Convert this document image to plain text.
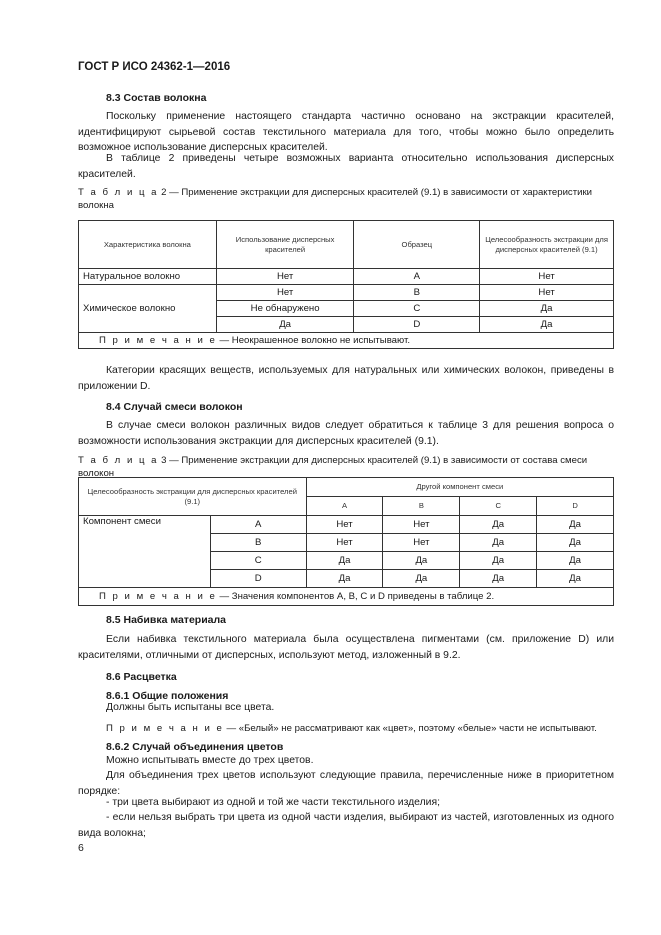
ГОСТ Р ИСО 24362-1—2016
8.3 Состав волокна
Поскольку применение настоящего стандарта частично основано на экстракции красителей, идентифицируют сырьевой состав текстильного материала для того, чтобы можно было определить возможное использование дисперсных красителей.
В таблице 2 приведены четыре возможных варианта относительно использования дисперсных красителей.
Т а б л и ц а 2 — Применение экстракции для дисперсных красителей (9.1) в зависимости от характеристики волокна
Характеристика волокна	Использование дисперсных красителей	Образец	Целесообразность экстракции для дисперсных красителей (9.1)
Натуральное волокно	Нет	A	Нет
Химическое волокно	Нет	B	Нет
	Не обнаружено	C	Да
	Да	D	Да
П р и м е ч а н и е — Неокрашенное волокно не испытывают.			
Категории красящих веществ, используемых для натуральных или химических волокон, приведены в приложении D.
8.4 Случай смеси волокон
В случае смеси волокон различных видов следует обратиться к таблице 3 для решения вопроса о возможности использования экстракции для дисперсных красителей (9.1).
Т а б л и ц а 3 — Применение экстракции для дисперсных красителей (9.1) в зависимости от состава смеси волокон
Целесообразность экстракции для дисперсных красителей (9.1)		Другой компонент смеси			
		A	B	C	D
Компонент смеси	A	Нет	Нет	Да	Да
	B	Нет	Нет	Да	Да
	C	Да	Да	Да	Да
	D	Да	Да	Да	Да
П р и м е ч а н и е — Значения компонентов А, В, С и D приведены в таблице 2.					
8.5 Набивка материала
Если набивка текстильного материала была осуществлена пигментами (см. приложение D) или красителями, отличными от дисперсных, используют метод, изложенный в 9.2.
8.6 Расцветка
8.6.1 Общие положения
Должны быть испытаны все цвета.
П р и м е ч а н и е — «Белый» не рассматривают как «цвет», поэтому «белые» части не испытывают.
8.6.2 Случай объединения цветов
Можно испытывать вместе до трех цветов.
Для объединения трех цветов используют следующие правила, перечисленные ниже в приоритетном порядке:
- три цвета выбирают из одной и той же части текстильного изделия;
- если нельзя выбрать три цвета из одной части изделия, выбирают из частей, изготовленных из одного вида волокна;
6
